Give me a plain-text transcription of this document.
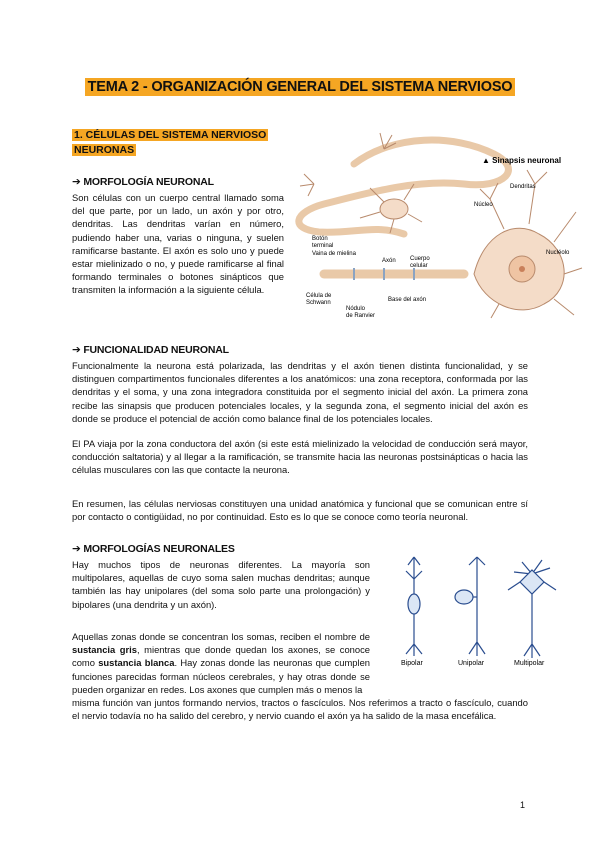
TEMA 2 - ORGANIZACIÓN GENERAL DEL SISTEMA NERVIOSO
1. CÉLULAS DEL SISTEMA NERVIOSO
NEURONAS
➔ MORFOLOGÍA NEURONAL

Son células con un cuerpo central llamado soma del que parte, por un lado, un axón y por otro, dendritas. Las dendritas varían en número, pudiendo haber una, varias o ninguna, y suelen ramificarse bastante. El axón es solo uno y puede estar mielinizado o no, y puede ramificarse al final formando terminales o botones sinápticos que transmiten la información a la siguiente célula.

▲ Sinapsis neuronal
Dendritas
Núcleo
Botón terminal
Nucléolo
Vaina de mielina
Axón Cuerpo celular
Célula de Schwann
Nódulo de Ranvier
Base del axón
➔ FUNCIONALIDAD NEURONAL

Funcionalmente la neurona está polarizada, las dendritas y el axón tienen distinta funcionalidad, y se distinguen compartimentos funcionales diferentes a los anatómicos: una zona receptora, conformada por las dendritas y el soma, y una zona integradora constituida por el segmento inicial del axón. La primera zona recibe las sinapsis que producen potenciales locales, y la segunda zona, el segmento inicial del axón es donde se produce el potencial de acción como balance final de los potenciales locales.

El PA viaja por la zona conductora del axón (si este está mielinizado la velocidad de conducción será mayor, conducción saltatoria) y al llegar a la ramificación, se transmite hacia las neuronas postsinápticas o hacia las células musculares con las que contacte la neurona.

En resumen, las células nerviosas constituyen una unidad anatómica y funcional que se comunican entre sí por contacto o contigüidad, no por continuidad. Esto es lo que se conoce como teoría neuronal.

➔ MORFOLOGÍAS NEURONALES

Hay muchos tipos de neuronas diferentes. La mayoría son multipolares, aquellas de cuyo soma salen muchas dendritas; aunque también las hay unipolares (del soma solo parte una prolongación) y bipolares (una dendrita y un axón).

Aquellas zonas donde se concentran los somas, reciben el nombre de sustancia gris, mientras que donde quedan los axones, se conoce como sustancia blanca. Hay zonas donde las neuronas que cumplen funciones parecidas forman núcleos cerebrales, y hay otras donde se pueden organizar en redes. Los axones que cumplen más o menos la

misma función van juntos formando nervios, tractos o fascículos. Nos referimos a tracto o fascículo, cuando el nervio todavía no ha salido del cerebro, y nervio cuando el axón ya ha salido de la masa encefálica.

Bipolar	Unipolar	Multipolar
1
